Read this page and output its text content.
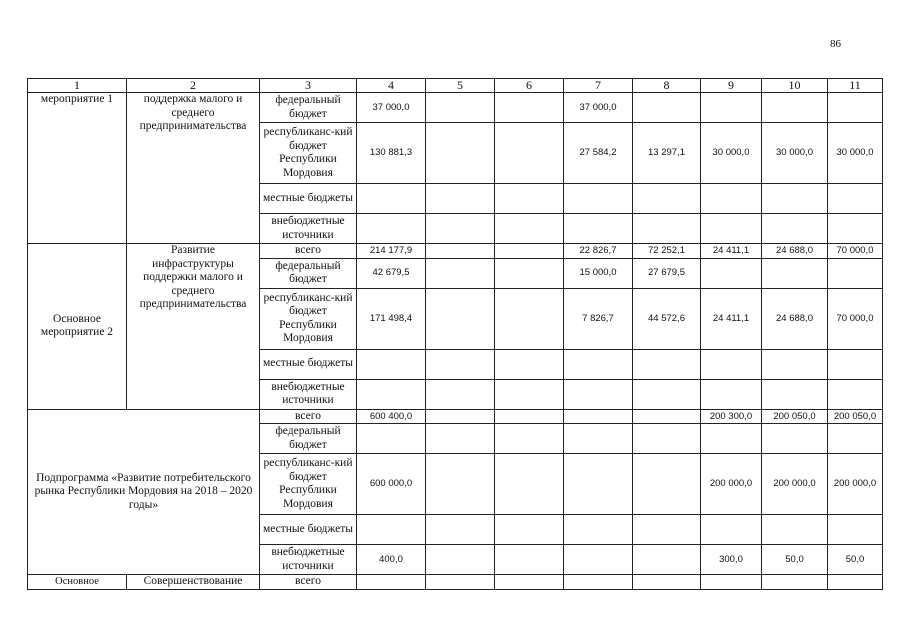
86
1	2	3	4	5	6	7	8	9	10	11
мероприятие 1	поддержка малого и среднего предпринимательства	федеральный бюджет	37 000,0			37 000,0				
		республиканс-кий бюджет Республики Мордовия	130 881,3			27 584,2	13 297,1	30 000,0	30 000,0	30 000,0
		местные бюджеты								
		внебюджетные источники								
Основное мероприятие 2	Развитие инфраструктуры поддержки малого и среднего предпринимательства	всего	214 177,9			22 826,7	72 252,1	24 411,1	24 688,0	70 000,0
		федеральный бюджет	42 679,5			15 000,0	27 679,5			
		республиканс-кий бюджет Республики Мордовия	171 498,4			7 826,7	44 572,6	24 411,1	24 688,0	70 000,0
		местные бюджеты								
		внебюджетные источники								
Подпрограмма «Развитие потребительского рынка Республики Мордовия на 2018 – 2020 годы»		всего	600 400,0					200 300,0	200 050,0	200 050,0
		федеральный бюджет								
		республиканс-кий бюджет Республики Мордовия	600 000,0					200 000,0	200 000,0	200 000,0
		местные бюджеты								
		внебюджетные источники	400,0					300,0	50,0	50,0
Основное	Совершенствование	всего								
